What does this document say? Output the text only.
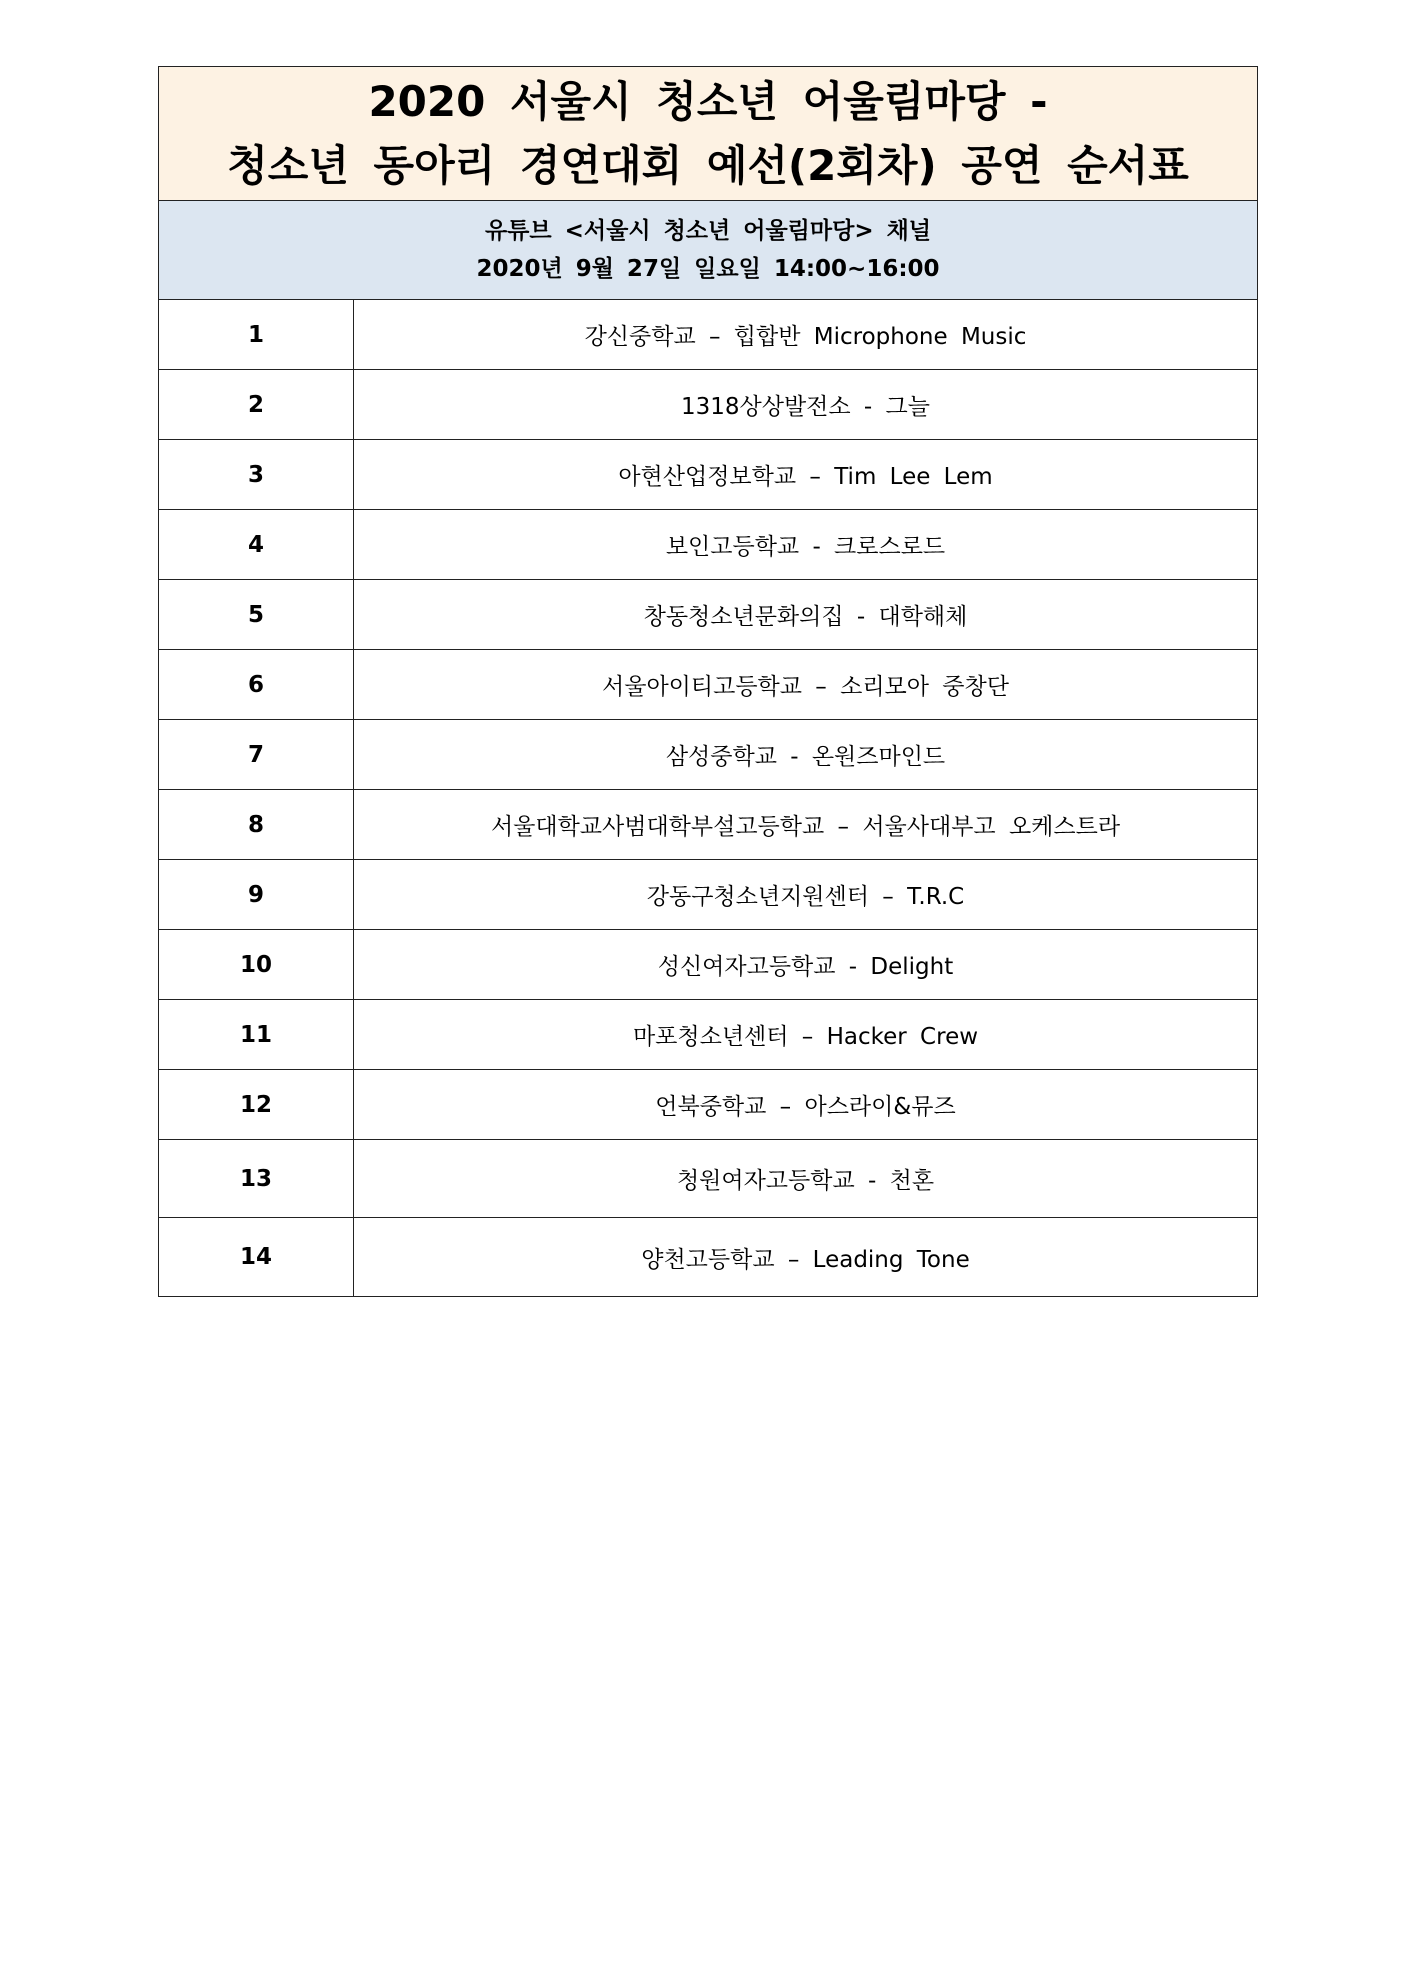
2020 서울시 청소년 어울림마당 -
청소년 동아리 경연대회 예선(2회차) 공연 순서표
유튜브 <서울시 청소년 어울림마당> 채널
2020년 9월 27일 일요일 14:00~16:00
1	강신중학교 – 힙합반 Microphone Music
2	1318상상발전소 - 그늘
3	아현산업정보학교 – Tim Lee Lem
4	보인고등학교 - 크로스로드
5	창동청소년문화의집 - 대학해체
6	서울아이티고등학교 – 소리모아 중창단
7	삼성중학교 - 온원즈마인드
8	서울대학교사범대학부설고등학교 – 서울사대부고 오케스트라
9	강동구청소년지원센터 – T.R.C
10	성신여자고등학교 - Delight
11	마포청소년센터 – Hacker Crew
12	언북중학교 – 아스라이&뮤즈
13	청원여자고등학교 - 천혼
14	양천고등학교 – Leading Tone
